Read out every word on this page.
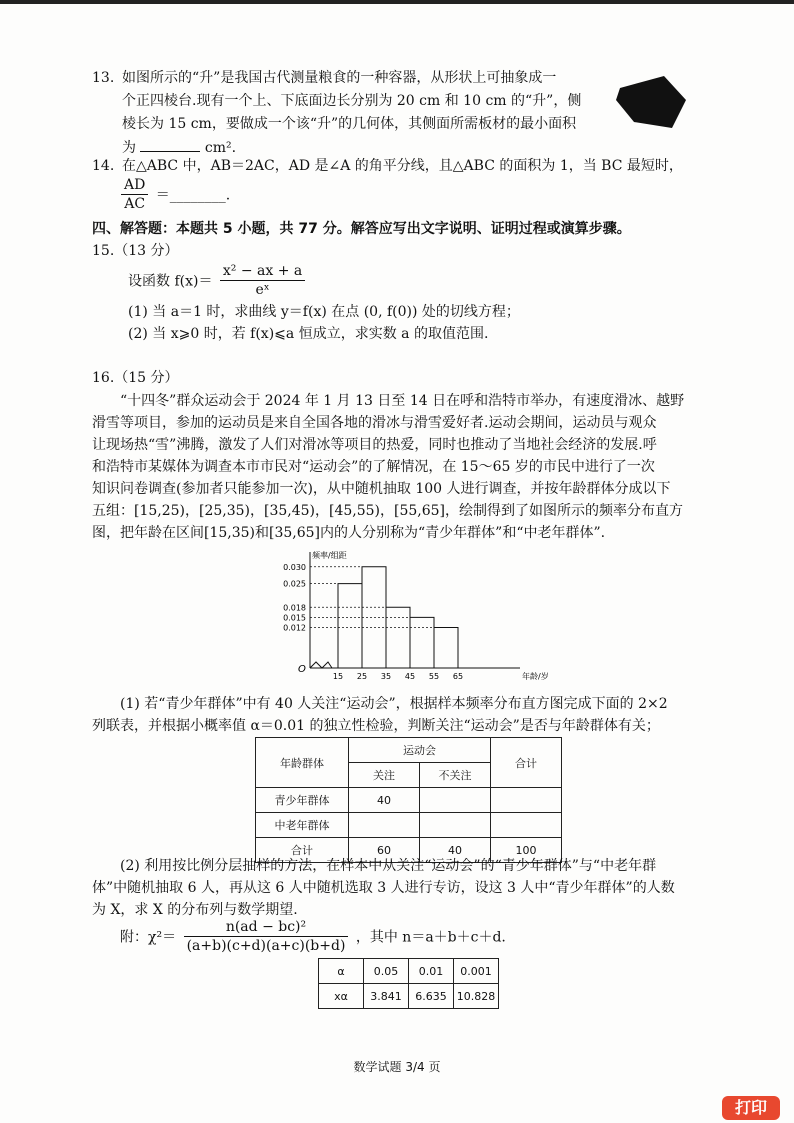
13. 如图所示的“升”是我国古代测量粮食的一种容器，从形状上可抽象成一
个正四棱台.现有一个上、下底面边长分别为 20 cm 和 10 cm 的“升”，侧
棱长为 15 cm，要做成一个该“升”的几何体，其侧面所需板材的最小面积
为	cm².
14. 在△ABC 中，AB＝2AC，AD 是∠A 的角平分线，且△ABC 的面积为 1，当 BC 最短时，
$\frac{AD}{AC}$ ＝________.
四、解答题：本题共 5 小题，共 77 分。解答应写出文字说明、证明过程或演算步骤。
15.（13 分）
设函数 $f(x)= \frac{\text{x² − ax + a}}{\text{eˣ}}$
(1) 当 a＝1 时，求曲线 y＝f(x) 在点 (0, f(0)) 处的切线方程；
(2) 当 x⩾0 时，若 f(x)⩽a 恒成立，求实数 a 的取值范围.
16.（15 分）
“十四冬”群众运动会于 2024 年 1 月 13 日至 14 日在呼和浩特市举办，有速度滑冰、越野
滑雪等项目，参加的运动员是来自全国各地的滑冰与滑雪爱好者.运动会期间，运动员与观众
让现场热“雪”沸腾，激发了人们对滑冰等项目的热爱，同时也推动了当地社会经济的发展.呼
和浩特市某媒体为调查本市市民对“运动会”的了解情况，在 15～65 岁的市民中进行了一次
知识问卷调查(参加者只能参加一次)，从中随机抽取 100 人进行调查，并按年龄群体分成以下
五组：[15,25)，[25,35)，[35,45)，[45,55)，[55,65]，绘制得到了如图所示的频率分布直方
图，把年龄在区间[15,35)和[35,65]内的人分别称为“青少年群体”和“中老年群体”.
0.030
0.025
0.018
0.015
0.012
15 25 35 45 55 65
O
频率/组距
年龄/岁
(1) 若“青少年群体”中有 40 人关注“运动会”，根据样本频率分布直方图完成下面的 2×2
列联表，并根据小概率值 α＝0.01 的独立性检验，判断关注“运动会”是否与年龄群体有关；
年龄群体	运动会		合计
	关注	不关注	
青少年群体	40		
中老年群体			
合计	60	40	100
(2) 利用按比例分层抽样的方法，在样本中从关注“运动会”的“青少年群体”与“中老年群
体”中随机抽取 6 人，再从这 6 人中随机选取 3 人进行专访，设这 3 人中“青少年群体”的人数
为 X，求 X 的分布列与数学期望.
附：$\chi^2= \frac{\text{n(ad − bc)²}}{(a+b)(c+d)(a+c)(b+d)}$ ，其中 n＝a＋b＋c＋d.
α	0.05	0.01	0.001
xα	3.841	6.635	10.828
数学试题 3/4 页
打印
